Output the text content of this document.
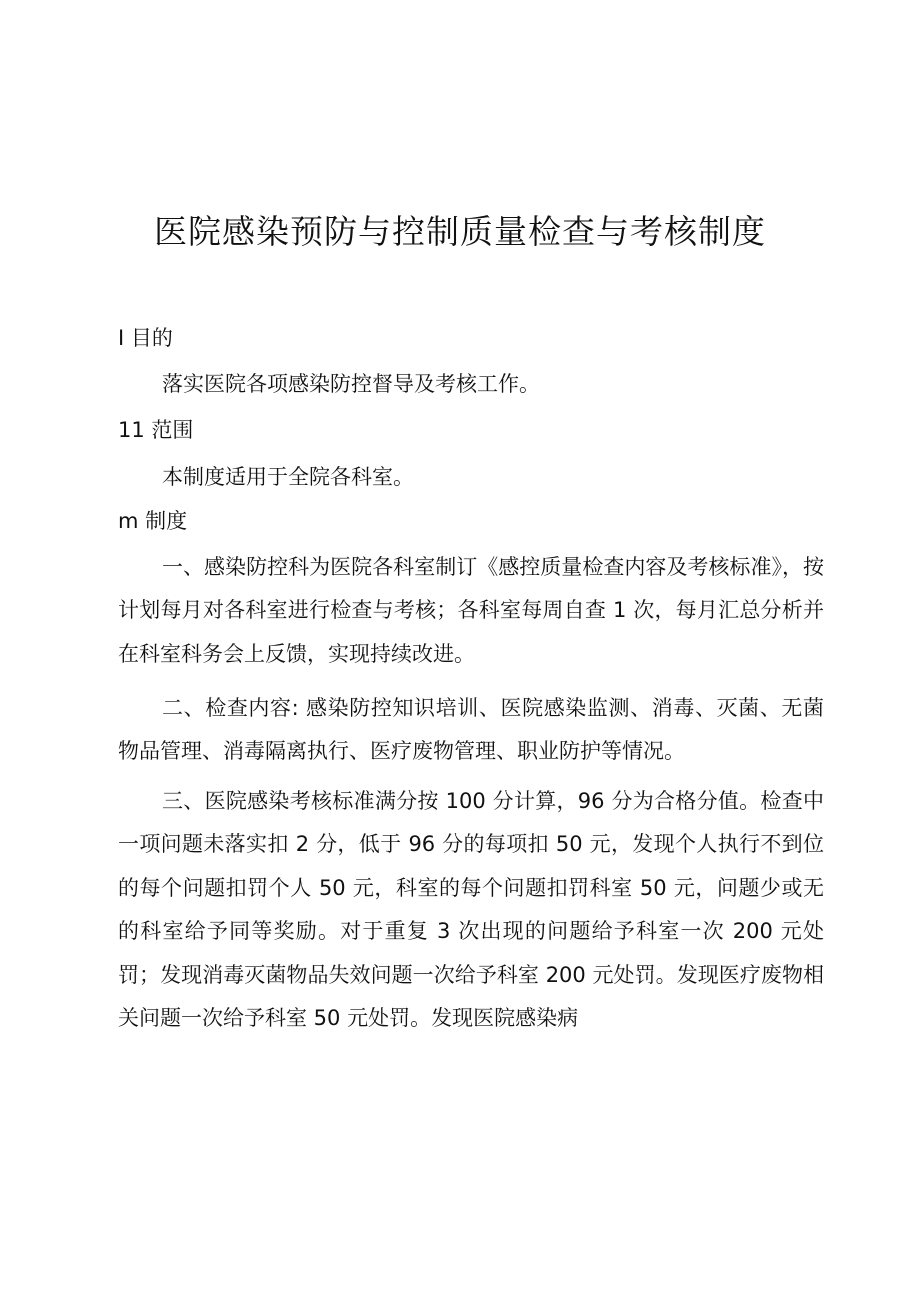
医院感染预防与控制质量检查与考核制度

I 目的

落实医院各项感染防控督导及考核工作。

11 范围

本制度适用于全院各科室。

m 制度

一、感染防控科为医院各科室制订《感控质量检查内容及考核标准》，按计划每月对各科室进行检查与考核；各科室每周自查 1 次，每月汇总分析并在科室科务会上反馈，实现持续改进。

二、检查内容: 感染防控知识培训、医院感染监测、消毒、灭菌、无菌物品管理、消毒隔离执行、医疗废物管理、职业防护等情况。

三、医院感染考核标准满分按 100 分计算，96 分为合格分值。检查中一项问题未落实扣 2 分，低于 96 分的每项扣 50 元，发现个人执行不到位的每个问题扣罚个人 50 元，科室的每个问题扣罚科室 50 元，问题少或无的科室给予同等奖励。对于重复 3 次出现的问题给予科室一次 200 元处罚；发现消毒灭菌物品失效问题一次给予科室 200 元处罚。发现医疗废物相关问题一次给予科室 50 元处罚。发现医院感染病
